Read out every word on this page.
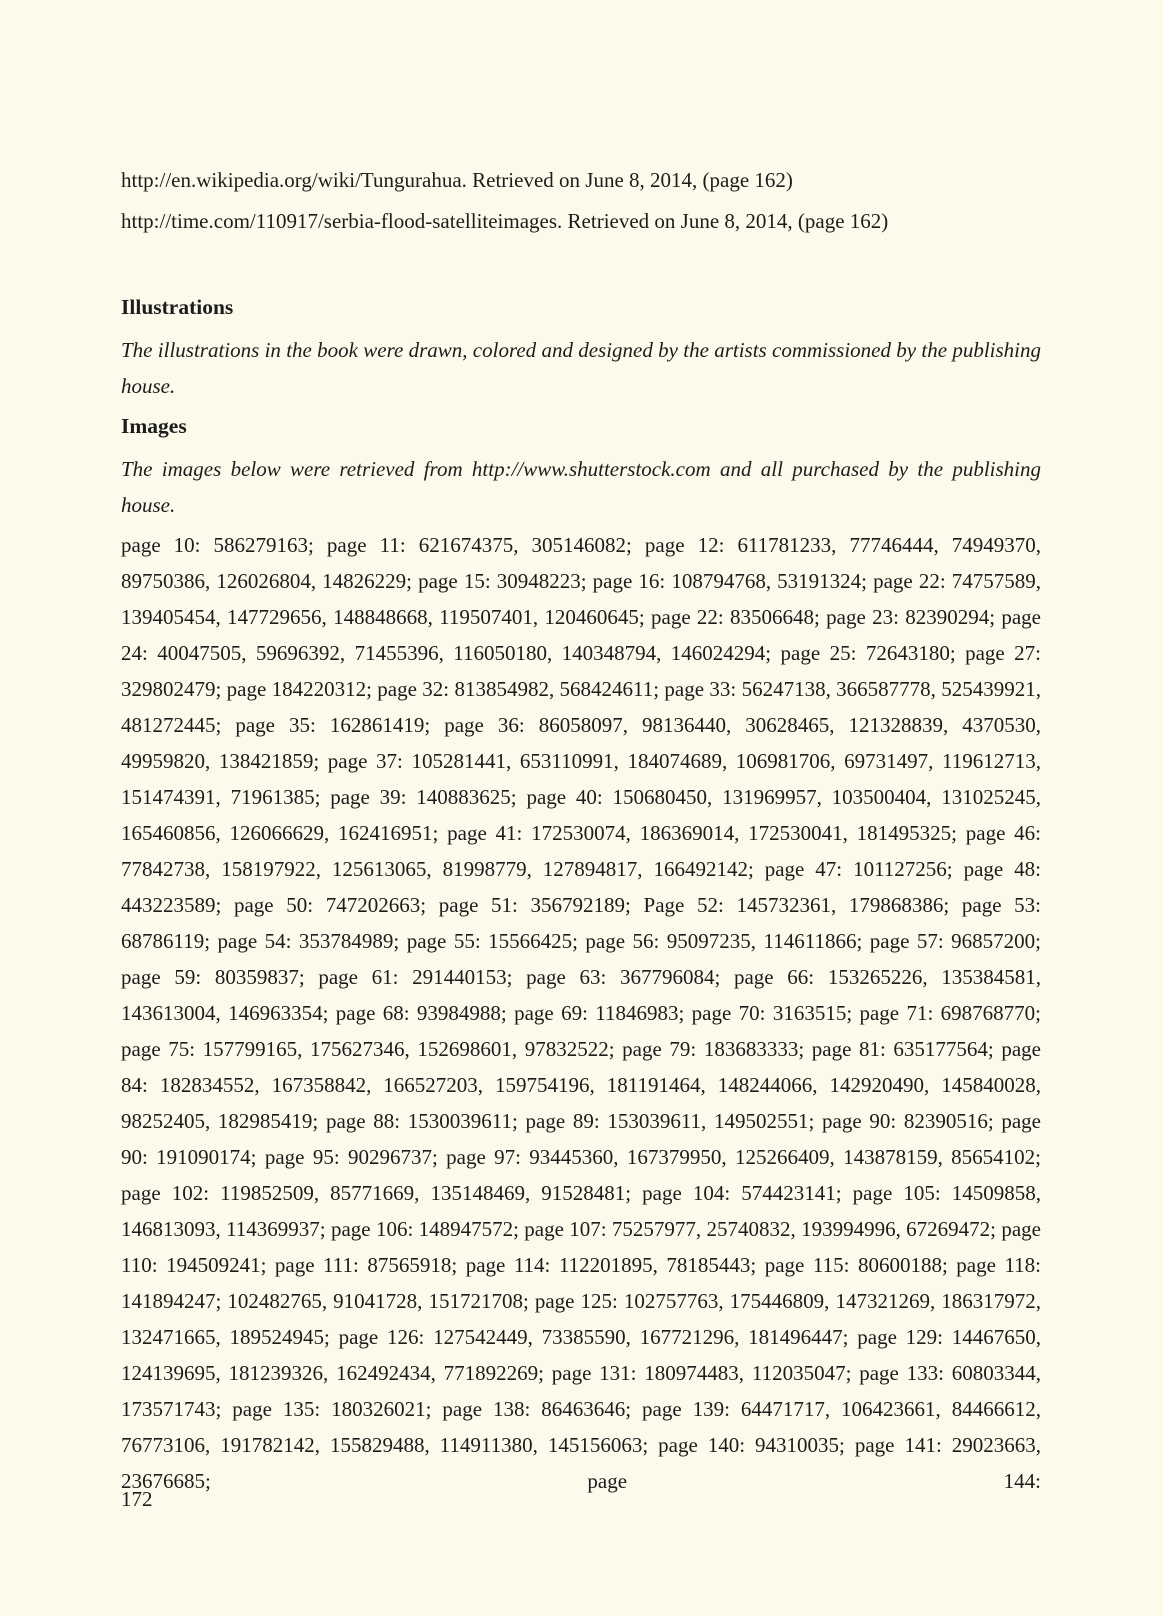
http://en.wikipedia.org/wiki/Tungurahua. Retrieved on June 8, 2014, (page 162)

http://time.com/110917/serbia-flood-satelliteimages. Retrieved on June 8, 2014, (page 162)

Illustrations

The illustrations in the book were drawn, colored and designed by the artists commissioned by the publishing house.

Images

The images below were retrieved from http://www.shutterstock.com and all purchased by the publishing house.

page 10: 586279163; page 11: 621674375, 305146082; page 12: 611781233, 77746444, 74949370, 89750386, 126026804, 14826229; page 15: 30948223; page 16: 108794768, 53191324; page 22: 74757589, 139405454, 147729656, 148848668, 119507401, 120460645; page 22: 83506648; page 23: 82390294; page 24: 40047505, 59696392, 71455396, 116050180, 140348794, 146024294; page 25: 72643180; page 27: 329802479; page 184220312; page 32: 813854982, 568424611; page 33: 56247138, 366587778, 525439921, 481272445; page 35: 162861419; page 36: 86058097, 98136440, 30628465, 121328839, 4370530, 49959820, 138421859; page 37: 105281441, 653110991, 184074689, 106981706, 69731497, 119612713, 151474391, 71961385; page 39: 140883625; page 40: 150680450, 131969957, 103500404, 131025245, 165460856, 126066629, 162416951; page 41: 172530074, 186369014, 172530041, 181495325; page 46: 77842738, 158197922, 125613065, 81998779, 127894817, 166492142; page 47: 101127256; page 48: 443223589; page 50: 747202663; page 51: 356792189; Page 52: 145732361, 179868386; page 53: 68786119; page 54: 353784989; page 55: 15566425; page 56: 95097235, 114611866; page 57: 96857200; page 59: 80359837; page 61: 291440153; page 63: 367796084; page 66: 153265226, 135384581, 143613004, 146963354; page 68: 93984988; page 69: 11846983; page 70: 3163515; page 71: 698768770; page 75: 157799165, 175627346, 152698601, 97832522; page 79: 183683333; page 81: 635177564; page 84: 182834552, 167358842, 166527203, 159754196, 181191464, 148244066, 142920490, 145840028, 98252405, 182985419; page 88: 1530039611; page 89: 153039611, 149502551; page 90: 82390516; page 90: 191090174; page 95: 90296737; page 97: 93445360, 167379950, 125266409, 143878159, 85654102; page 102: 119852509, 85771669, 135148469, 91528481; page 104: 574423141; page 105: 14509858, 146813093, 114369937; page 106: 148947572; page 107: 75257977, 25740832, 193994996, 67269472; page 110: 194509241; page 111: 87565918; page 114: 112201895, 78185443; page 115: 80600188; page 118: 141894247; 102482765, 91041728, 151721708; page 125: 102757763, 175446809, 147321269, 186317972, 132471665, 189524945; page 126: 127542449, 73385590, 167721296, 181496447; page 129: 14467650, 124139695, 181239326, 162492434, 771892269; page 131: 180974483, 112035047; page 133: 60803344, 173571743; page 135: 180326021; page 138: 86463646; page 139: 64471717, 106423661, 84466612, 76773106, 191782142, 155829488, 114911380, 145156063; page 140: 94310035; page 141: 29023663, 23676685; page 144:

172
